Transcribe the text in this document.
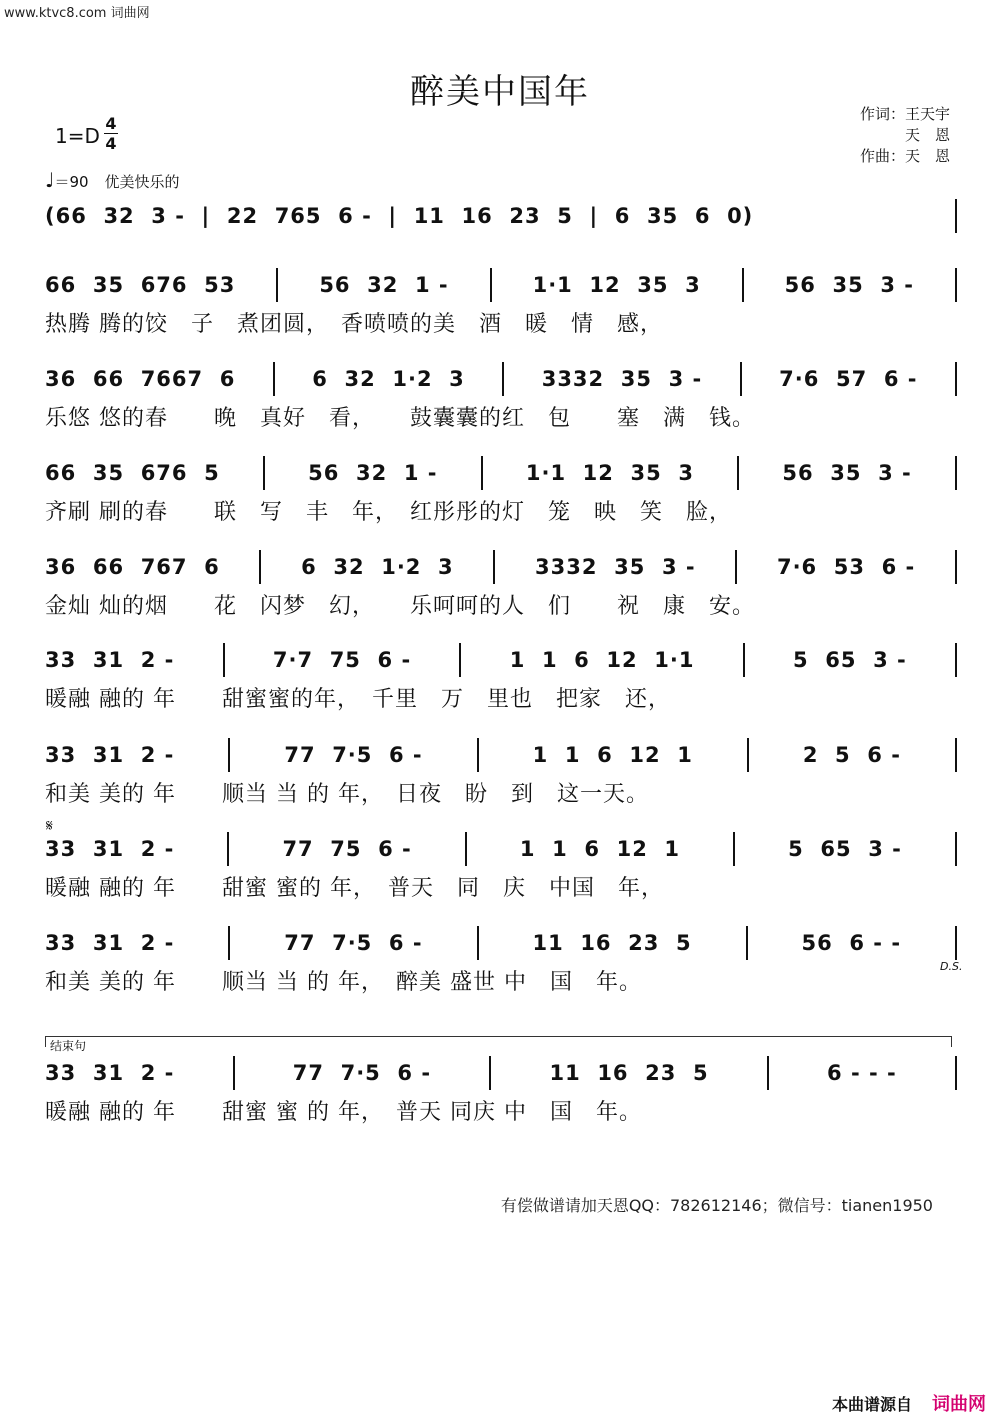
www.ktvc8.com 词曲网
醉美中国年
作词：王天宇
天　恩
作曲：天　恩
1=D
4
4
♩＝90 优美快乐的
(66  32  3 -  |  22  765  6 -  |  11  16  23  5  |  6  35  6  0)
𝄋
66  35  676  53	56  32  1 -	1·1  12  35  3	56  35  3 -
热腾 腾的饺　子　煮团圆，　香喷喷的美　酒　暖　情　感，
36  66  7667  6	6  32  1·2  3	3332  35  3 -	7·6  57  6 -
乐悠 悠的春　　晚　真好　看，　　鼓囊囊的红　包　　塞　满　钱。
66  35  676  5	56  32  1 -	1·1  12  35  3	56  35  3 -
齐刷 刷的春　　联　写　丰　年，　红彤彤的灯　笼　映　笑　脸，
36  66  767  6	6  32  1·2  3	3332  35  3 -	7·6  53  6 -
金灿 灿的烟　　花　闪梦　幻，　　乐呵呵的人　们　　祝　康　安。
33  31  2 -	7·7  75  6 -	1  1  6  12  1·1	5  65  3 -
暖融 融的 年　　甜蜜蜜的年，　千里　万　里也　把家　还，
33  31  2 -	77  7·5  6 -	1  1  6  12  1	2  5  6 -
和美 美的 年　　顺当 当 的 年，　日夜　盼　到　这一天。
33  31  2 -	77  75  6 -	1  1  6  12  1	5  65  3 -
暖融 融的 年　　甜蜜 蜜的 年，　普天　同　庆　中国　年，
33  31  2 -	77  7·5  6 -	11  16  23  5	56  6 - -
和美 美的 年　　顺当 当 的 年，　醉美 盛世 中　国　年。
33  31  2 -	77  7·5  6 -	11  16  23  5	6 - - -
暖融 融的 年　　甜蜜 蜜 的 年，　普天 同庆 中　国　年。
结束句
D.S.
有偿做谱请加天恩QQ：782612146；微信号：tianen1950
本曲谱源自 词曲网
